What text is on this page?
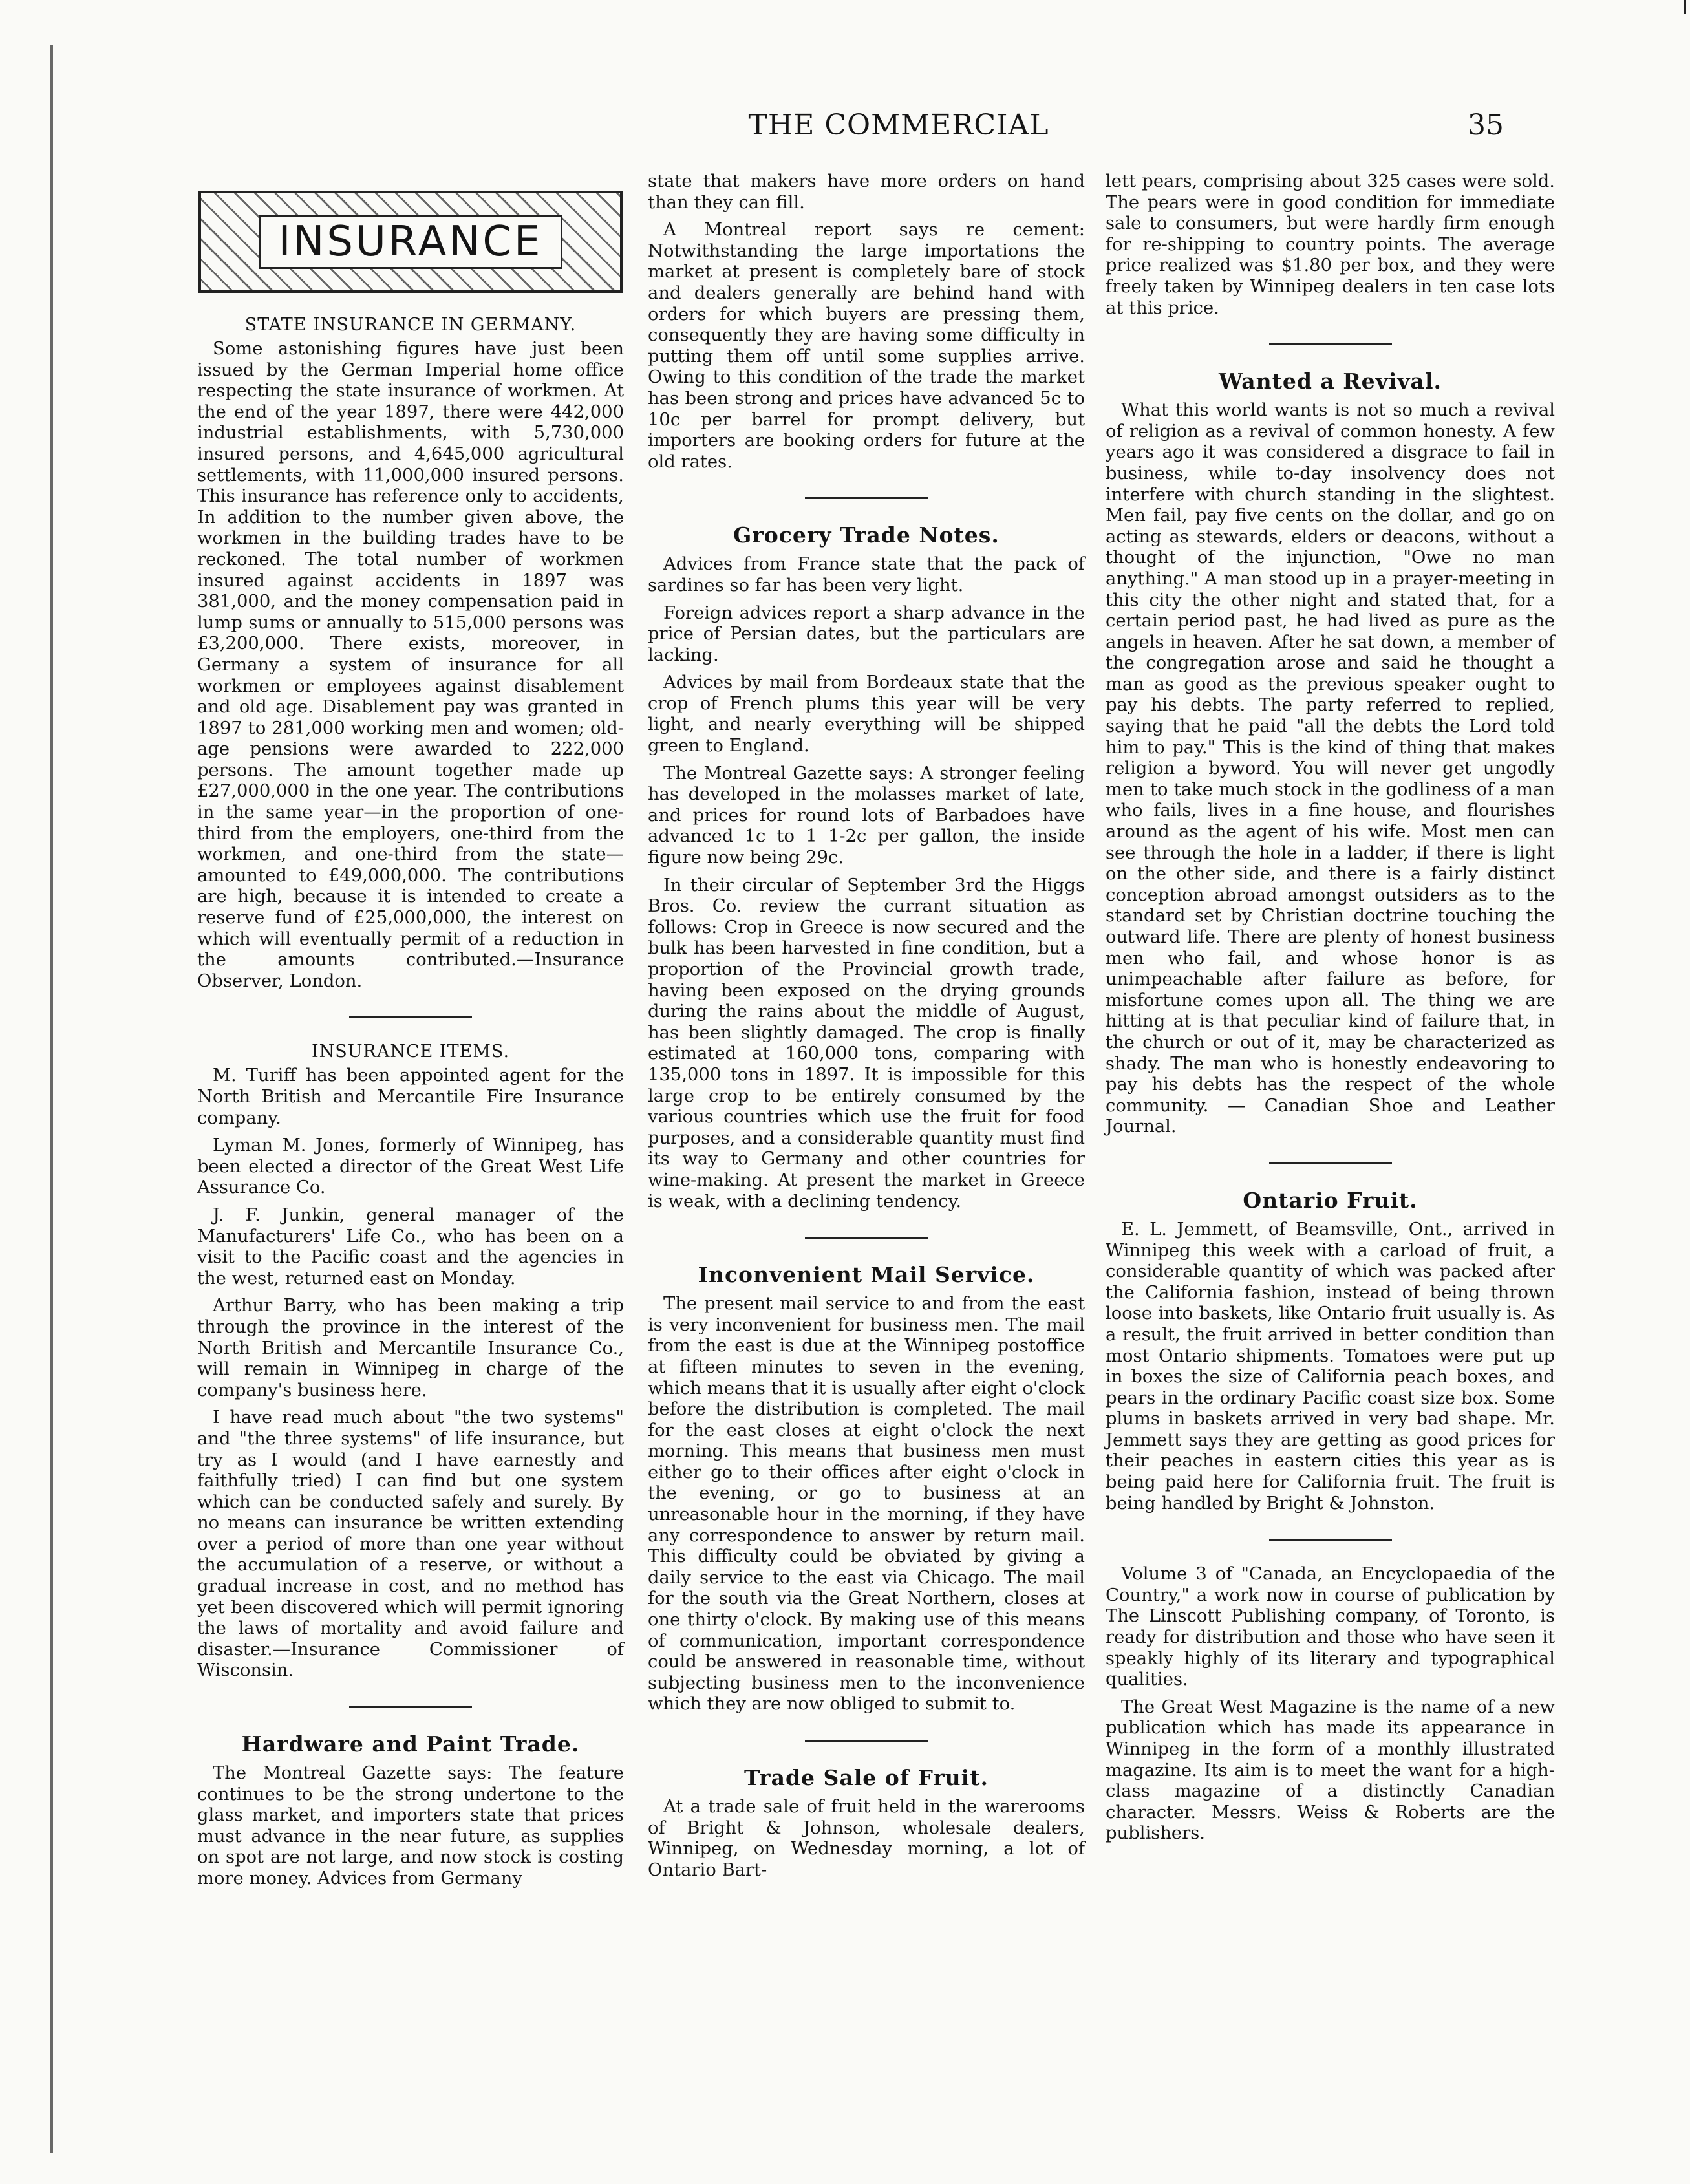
THE COMMERCIAL	35
INSURANCE
STATE INSURANCE IN GERMANY.

Some astonishing figures have just been issued by the German Imperial home office respecting the state insurance of workmen. At the end of the year 1897, there were 442,000 industrial establishments, with 5,730,000 insured persons, and 4,645,000 agricultural settlements, with 11,000,000 insured persons. This insurance has reference only to accidents, In addition to the number given above, the workmen in the building trades have to be reckoned. The total number of workmen insured against accidents in 1897 was 381,000, and the money compensation paid in lump sums or annually to 515,000 persons was £3,200,000. There exists, moreover, in Germany a system of insurance for all workmen or employees against disablement and old age. Disablement pay was granted in 1897 to 281,000 working men and women; old-age pensions were awarded to 222,000 persons. The amount together made up £27,000,000 in the one year. The contributions in the same year—in the proportion of one-third from the employers, one-third from the workmen, and one-third from the state—amounted to £49,000,000. The contributions are high, because it is intended to create a reserve fund of £25,000,000, the interest on which will eventually permit of a reduction in the amounts contributed.—Insurance Observer, London.

INSURANCE ITEMS.

M. Turiff has been appointed agent for the North British and Mercantile Fire Insurance company.

Lyman M. Jones, formerly of Winnipeg, has been elected a director of the Great West Life Assurance Co.

J. F. Junkin, general manager of the Manufacturers' Life Co., who has been on a visit to the Pacific coast and the agencies in the west, returned east on Monday.

Arthur Barry, who has been making a trip through the province in the interest of the North British and Mercantile Insurance Co., will remain in Winnipeg in charge of the company's business here.

I have read much about "the two systems" and "the three systems" of life insurance, but try as I would (and I have earnestly and faithfully tried) I can find but one system which can be conducted safely and surely. By no means can insurance be written extending over a period of more than one year without the accumulation of a reserve, or without a gradual increase in cost, and no method has yet been discovered which will permit ignoring the laws of mortality and avoid failure and disaster.—Insurance Commissioner of Wisconsin.

Hardware and Paint Trade.

The Montreal Gazette says: The feature continues to be the strong undertone to the glass market, and importers state that prices must advance in the near future, as supplies on spot are not large, and now stock is costing more money. Advices from Germany

state that makers have more orders on hand than they can fill.

A Montreal report says re cement: Notwithstanding the large importations the market at present is completely bare of stock and dealers generally are behind hand with orders for which buyers are pressing them, consequently they are having some difficulty in putting them off until some supplies arrive. Owing to this condition of the trade the market has been strong and prices have advanced 5c to 10c per barrel for prompt delivery, but importers are booking orders for future at the old rates.

Grocery Trade Notes.

Advices from France state that the pack of sardines so far has been very light.

Foreign advices report a sharp advance in the price of Persian dates, but the particulars are lacking.

Advices by mail from Bordeaux state that the crop of French plums this year will be very light, and nearly everything will be shipped green to England.

The Montreal Gazette says: A stronger feeling has developed in the molasses market of late, and prices for round lots of Barbadoes have advanced 1c to 1 1-2c per gallon, the inside figure now being 29c.

In their circular of September 3rd the Higgs Bros. Co. review the currant situation as follows: Crop in Greece is now secured and the bulk has been harvested in fine condition, but a proportion of the Provincial growth trade, having been exposed on the drying grounds during the rains about the middle of August, has been slightly damaged. The crop is finally estimated at 160,000 tons, comparing with 135,000 tons in 1897. It is impossible for this large crop to be entirely consumed by the various countries which use the fruit for food purposes, and a considerable quantity must find its way to Germany and other countries for wine-making. At present the market in Greece is weak, with a declining tendency.

Inconvenient Mail Service.

The present mail service to and from the east is very inconvenient for business men. The mail from the east is due at the Winnipeg postoffice at fifteen minutes to seven in the evening, which means that it is usually after eight o'clock before the distribution is completed. The mail for the east closes at eight o'clock the next morning. This means that business men must either go to their offices after eight o'clock in the evening, or go to business at an unreasonable hour in the morning, if they have any correspondence to answer by return mail. This difficulty could be obviated by giving a daily service to the east via Chicago. The mail for the south via the Great Northern, closes at one thirty o'clock. By making use of this means of communication, important correspondence could be answered in reasonable time, without subjecting business men to the inconvenience which they are now obliged to submit to.

Trade Sale of Fruit.

At a trade sale of fruit held in the warerooms of Bright & Johnson, wholesale dealers, Winnipeg, on Wednesday morning, a lot of Ontario Bart-

lett pears, comprising about 325 cases were sold. The pears were in good condition for immediate sale to consumers, but were hardly firm enough for re-shipping to country points. The average price realized was $1.80 per box, and they were freely taken by Winnipeg dealers in ten case lots at this price.

Wanted a Revival.

What this world wants is not so much a revival of religion as a revival of common honesty. A few years ago it was considered a disgrace to fail in business, while to-day insolvency does not interfere with church standing in the slightest. Men fail, pay five cents on the dollar, and go on acting as stewards, elders or deacons, without a thought of the injunction, "Owe no man anything." A man stood up in a prayer-meeting in this city the other night and stated that, for a certain period past, he had lived as pure as the angels in heaven. After he sat down, a member of the congregation arose and said he thought a man as good as the previous speaker ought to pay his debts. The party referred to replied, saying that he paid "all the debts the Lord told him to pay." This is the kind of thing that makes religion a byword. You will never get ungodly men to take much stock in the godliness of a man who fails, lives in a fine house, and flourishes around as the agent of his wife. Most men can see through the hole in a ladder, if there is light on the other side, and there is a fairly distinct conception abroad amongst outsiders as to the standard set by Christian doctrine touching the outward life. There are plenty of honest business men who fail, and whose honor is as unimpeachable after failure as before, for misfortune comes upon all. The thing we are hitting at is that peculiar kind of failure that, in the church or out of it, may be characterized as shady. The man who is honestly endeavoring to pay his debts has the respect of the whole community. — Canadian Shoe and Leather Journal.

Ontario Fruit.

E. L. Jemmett, of Beamsville, Ont., arrived in Winnipeg this week with a carload of fruit, a considerable quantity of which was packed after the California fashion, instead of being thrown loose into baskets, like Ontario fruit usually is. As a result, the fruit arrived in better condition than most Ontario shipments. Tomatoes were put up in boxes the size of California peach boxes, and pears in the ordinary Pacific coast size box. Some plums in baskets arrived in very bad shape. Mr. Jemmett says they are getting as good prices for their peaches in eastern cities this year as is being paid here for California fruit. The fruit is being handled by Bright & Johnston.

Volume 3 of "Canada, an Encyclopaedia of the Country," a work now in course of publication by The Linscott Publishing company, of Toronto, is ready for distribution and those who have seen it speakly highly of its literary and typographical qualities.

The Great West Magazine is the name of a new publication which has made its appearance in Winnipeg in the form of a monthly illustrated magazine. Its aim is to meet the want for a high-class magazine of a distinctly Canadian character. Messrs. Weiss & Roberts are the publishers.
